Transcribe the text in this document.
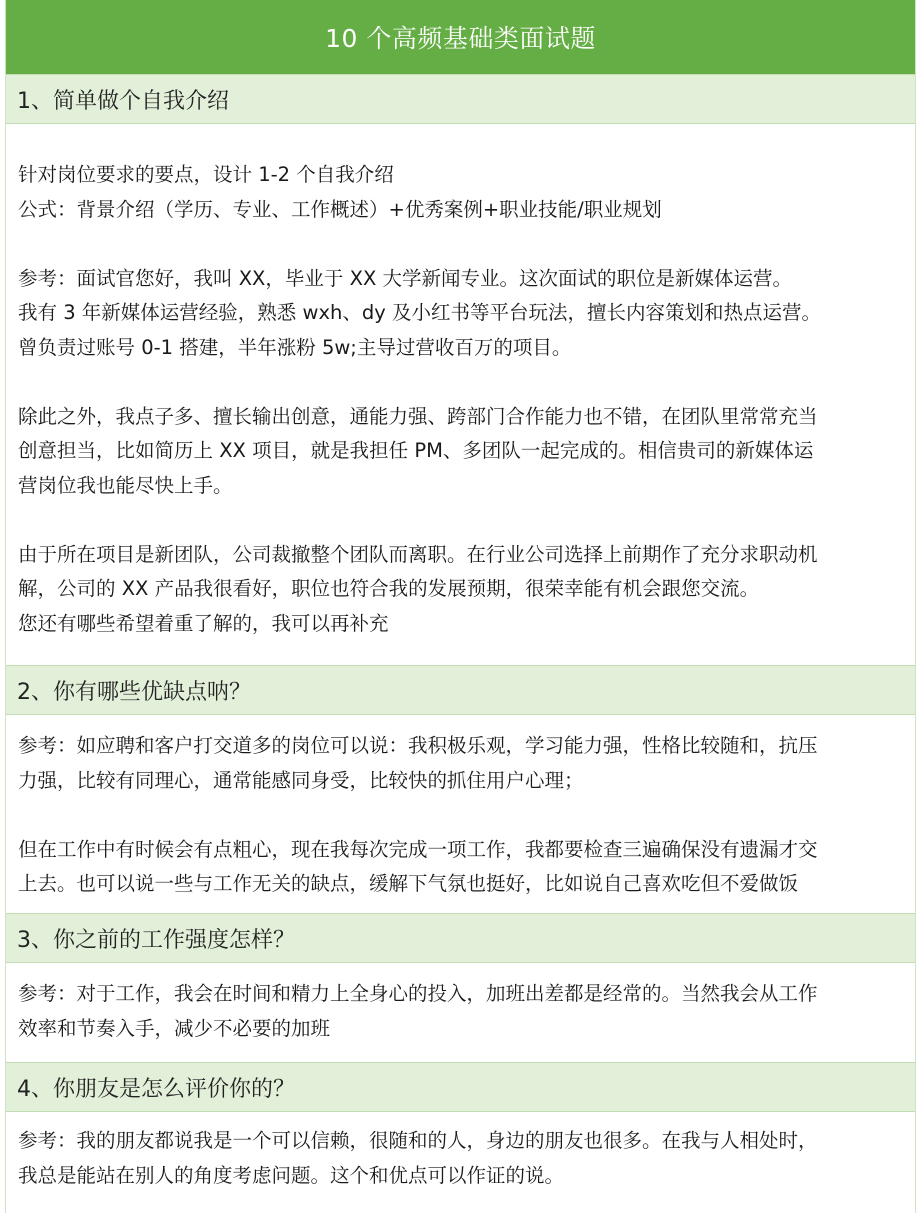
10 个高频基础类面试题
1、简单做个自我介绍

针对岗位要求的要点，设计 1-2 个自我介绍

公式：背景介绍（学历、专业、工作概述）+优秀案例+职业技能/职业规划

参考：面试官您好，我叫 XX，毕业于 XX 大学新闻专业。这次面试的职位是新媒体运营。

我有 3 年新媒体运营经验，熟悉 wxh、dy 及小红书等平台玩法，擅长内容策划和热点运营。

曾负责过账号 0-1 搭建，半年涨粉 5w;主导过营收百万的项目。

除此之外，我点子多、擅长输出创意，通能力强、跨部门合作能力也不错，在团队里常常充当

创意担当，比如简历上 XX 项目，就是我担任 PM、多团队一起完成的。相信贵司的新媒体运

营岗位我也能尽快上手。

由于所在项目是新团队，公司裁撤整个团队而离职。在行业公司选择上前期作了充分求职动机

解，公司的 XX 产品我很看好，职位也符合我的发展预期，很荣幸能有机会跟您交流。

您还有哪些希望着重了解的，我可以再补充

2、你有哪些优缺点呐？

参考：如应聘和客户打交道多的岗位可以说：我积极乐观，学习能力强，性格比较随和，抗压

力强，比较有同理心，通常能感同身受，比较快的抓住用户心理；

但在工作中有时候会有点粗心，现在我每次完成一项工作，我都要检查三遍确保没有遗漏才交

上去。也可以说一些与工作无关的缺点，缓解下气氛也挺好，比如说自己喜欢吃但不爱做饭

3、你之前的工作强度怎样？

参考：对于工作，我会在时间和精力上全身心的投入，加班出差都是经常的。当然我会从工作

效率和节奏入手，减少不必要的加班

4、你朋友是怎么评价你的？

参考：我的朋友都说我是一个可以信赖，很随和的人，身边的朋友也很多。在我与人相处时，

我总是能站在别人的角度考虑问题。这个和优点可以作证的说。
